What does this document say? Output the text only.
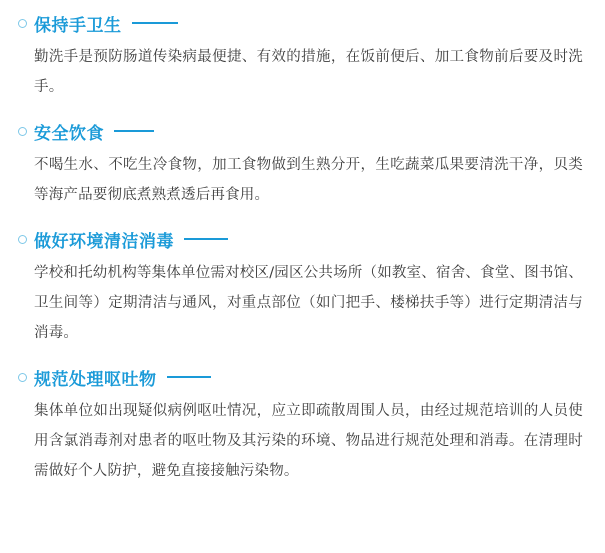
保持手卫生
勤洗手是预防肠道传染病最便捷、有效的措施，在饭前便后、加工食物前后要及时洗手。
安全饮食
不喝生水、不吃生冷食物，加工食物做到生熟分开，生吃蔬菜瓜果要清洗干净，贝类等海产品要彻底煮熟煮透后再食用。
做好环境清洁消毒
学校和托幼机构等集体单位需对校区/园区公共场所（如教室、宿舍、食堂、图书馆、卫生间等）定期清洁与通风，对重点部位（如门把手、楼梯扶手等）进行定期清洁与消毒。
规范处理呕吐物
集体单位如出现疑似病例呕吐情况，应立即疏散周围人员，由经过规范培训的人员使用含氯消毒剂对患者的呕吐物及其污染的环境、物品进行规范处理和消毒。在清理时需做好个人防护，避免直接接触污染物。
